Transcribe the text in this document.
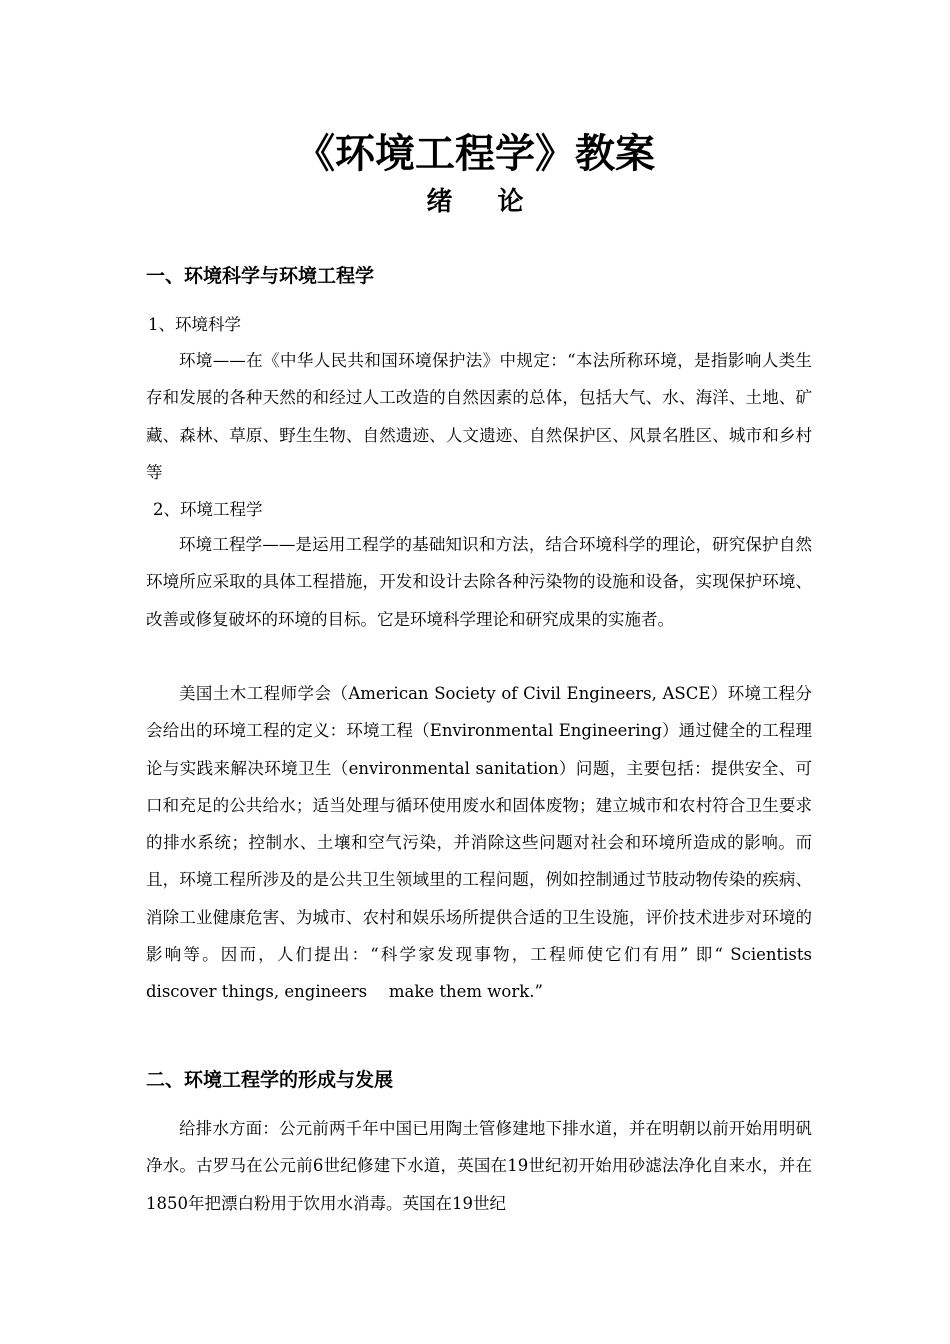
《环境工程学》教案
绪 论
一、环境科学与环境工程学
1、环境科学
环境——在《中华人民共和国环境保护法》中规定：“本法所称环境，是指影响人类生存和发展的各种天然的和经过人工改造的自然因素的总体，包括大气、水、海洋、土地、矿藏、森林、草原、野生生物、自然遗迹、人文遗迹、自然保护区、风景名胜区、城市和乡村等
2、环境工程学
环境工程学——是运用工程学的基础知识和方法，结合环境科学的理论，研究保护自然环境所应采取的具体工程措施，开发和设计去除各种污染物的设施和设备，实现保护环境、改善或修复破坏的环境的目标。它是环境科学理论和研究成果的实施者。
美国土木工程师学会（American Society of Civil Engineers, ASCE）环境工程分会给出的环境工程的定义：环境工程（Environmental Engineering）通过健全的工程理论与实践来解决环境卫生（environmental sanitation）问题，主要包括：提供安全、可口和充足的公共给水；适当处理与循环使用废水和固体废物；建立城市和农村符合卫生要求的排水系统；控制水、土壤和空气污染，并消除这些问题对社会和环境所造成的影响。而且，环境工程所涉及的是公共卫生领域里的工程问题，例如控制通过节肢动物传染的疾病、消除工业健康危害、为城市、农村和娱乐场所提供合适的卫生设施，评价技术进步对环境的影响等。因而，人们提出：“科学家发现事物，工程师使它们有用” 即“ Scientists discover things, engineers　 make them work.”
二、环境工程学的形成与发展
给排水方面：公元前两千年中国已用陶土管修建地下排水道，并在明朝以前开始用明矾净水。古罗马在公元前6世纪修建下水道，英国在19世纪初开始用砂滤法净化自来水，并在1850年把漂白粉用于饮用水消毒。英国在19世纪
